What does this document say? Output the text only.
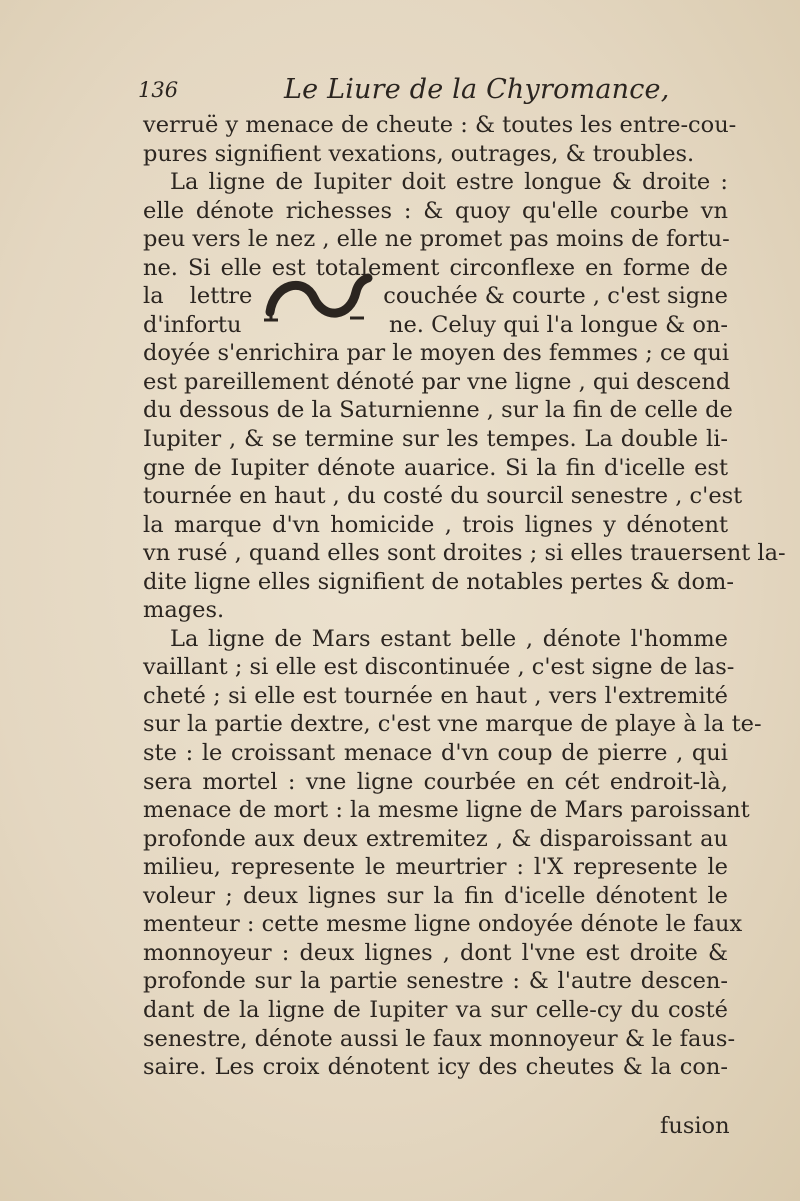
136	Le Liure de la Chyromance,
verruë y menace de cheute : & toutes les entre-cou-
pures signifient vexations, outrages, & troubles.
La ligne de Iupiter doit estre longue & droite :
elle dénote richesses : & quoy qu'elle courbe vn
peu vers le nez , elle ne promet pas moins de fortu-
ne. Si elle est totalement circonflexe en forme de
la lettre	couchée & courte , c'est signe
d'infortu	ne. Celuy qui l'a longue & on-
doyée s'enrichira par le moyen des femmes ; ce qui
est pareillement dénoté par vne ligne , qui descend
du dessous de la Saturnienne , sur la fin de celle de
Iupiter , & se termine sur les tempes. La double li-
gne de Iupiter dénote auarice. Si la fin d'icelle est
tournée en haut , du costé du sourcil senestre , c'est
la marque d'vn homicide , trois lignes y dénotent
vn rusé , quand elles sont droites ; si elles trauersent la-
dite ligne elles signifient de notables pertes & dom-
mages.
La ligne de Mars estant belle , dénote l'homme
vaillant ; si elle est discontinuée , c'est signe de las-
cheté ; si elle est tournée en haut , vers l'extremité
sur la partie dextre, c'est vne marque de playe à la te-
ste : le croissant menace d'vn coup de pierre , qui
sera mortel : vne ligne courbée en cét endroit-là,
menace de mort : la mesme ligne de Mars paroissant
profonde aux deux extremitez , & disparoissant au
milieu, represente le meurtrier : l'X represente le
voleur ; deux lignes sur la fin d'icelle dénotent le
menteur : cette mesme ligne ondoyée dénote le faux
monnoyeur : deux lignes , dont l'vne est droite &
profonde sur la partie senestre : & l'autre descen-
dant de la ligne de Iupiter va sur celle-cy du costé
senestre, dénote aussi le faux monnoyeur & le faus-
saire. Les croix dénotent icy des cheutes & la con-
fusion
